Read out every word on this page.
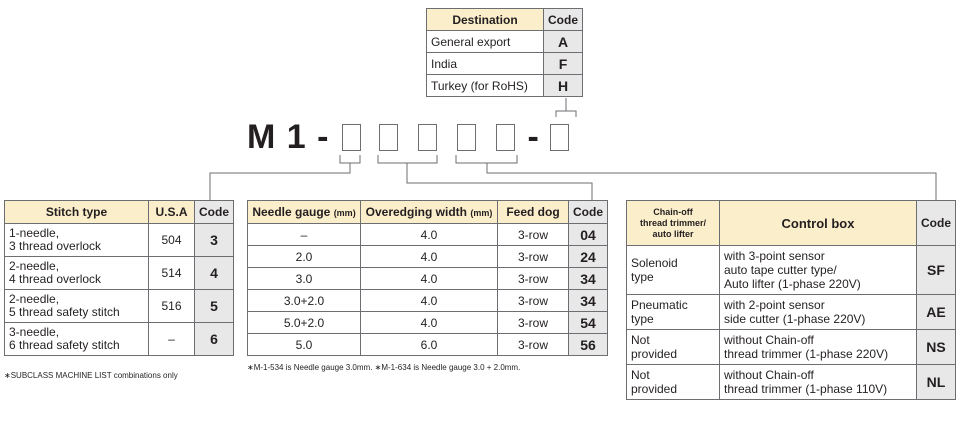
Destination	Code
General export	A
India	F
Turkey (for RoHS)	H
M 1 -	-
Stitch type	U.S.A	Code
1-needle,
3 thread overlock	504	3
2-needle,
4 thread overlock	514	4
2-needle,
5 thread safety stitch	516	5
3-needle,
6 thread safety stitch	–	6
∗SUBCLASS MACHINE LIST combinations only
Needle gauge (mm)	Overedging width (mm)	Feed dog	Code
–	4.0	3-row	04
2.0	4.0	3-row	24
3.0	4.0	3-row	34
3.0+2.0	4.0	3-row	34
5.0+2.0	4.0	3-row	54
5.0	6.0	3-row	56
∗M-1-534 is Needle gauge 3.0mm. ∗M-1-634 is Needle gauge 3.0 + 2.0mm.
Chain-off
thread trimmer/
auto lifter	Control box	Code
Solenoid
type	with 3-point sensor
auto tape cutter type/
Auto lifter (1-phase 220V)	SF
Pneumatic
type	with 2-point sensor
side cutter (1-phase 220V)	AE
Not
provided	without Chain-off
thread trimmer (1-phase 220V)	NS
Not
provided	without Chain-off
thread trimmer (1-phase 110V)	NL
